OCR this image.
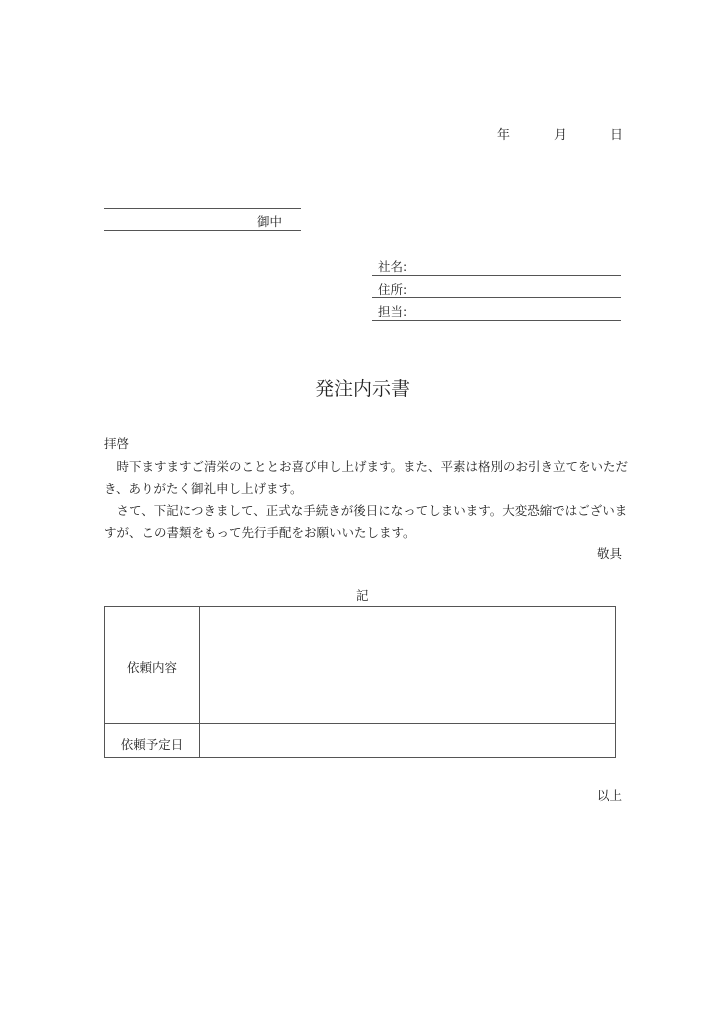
年	月	日
御中
社名:
住所:
担当:
発注内示書
拝啓
　時下ますますご清栄のこととお喜び申し上げます。また、平素は格別のお引き立てをいただ
き、ありがたく御礼申し上げます。
　さて、下記につきまして、正式な手続きが後日になってしまいます。大変恐縮ではございま
すが、この書類をもって先行手配をお願いいたします。
敬具
記
依頼内容
依頼予定日
以上
